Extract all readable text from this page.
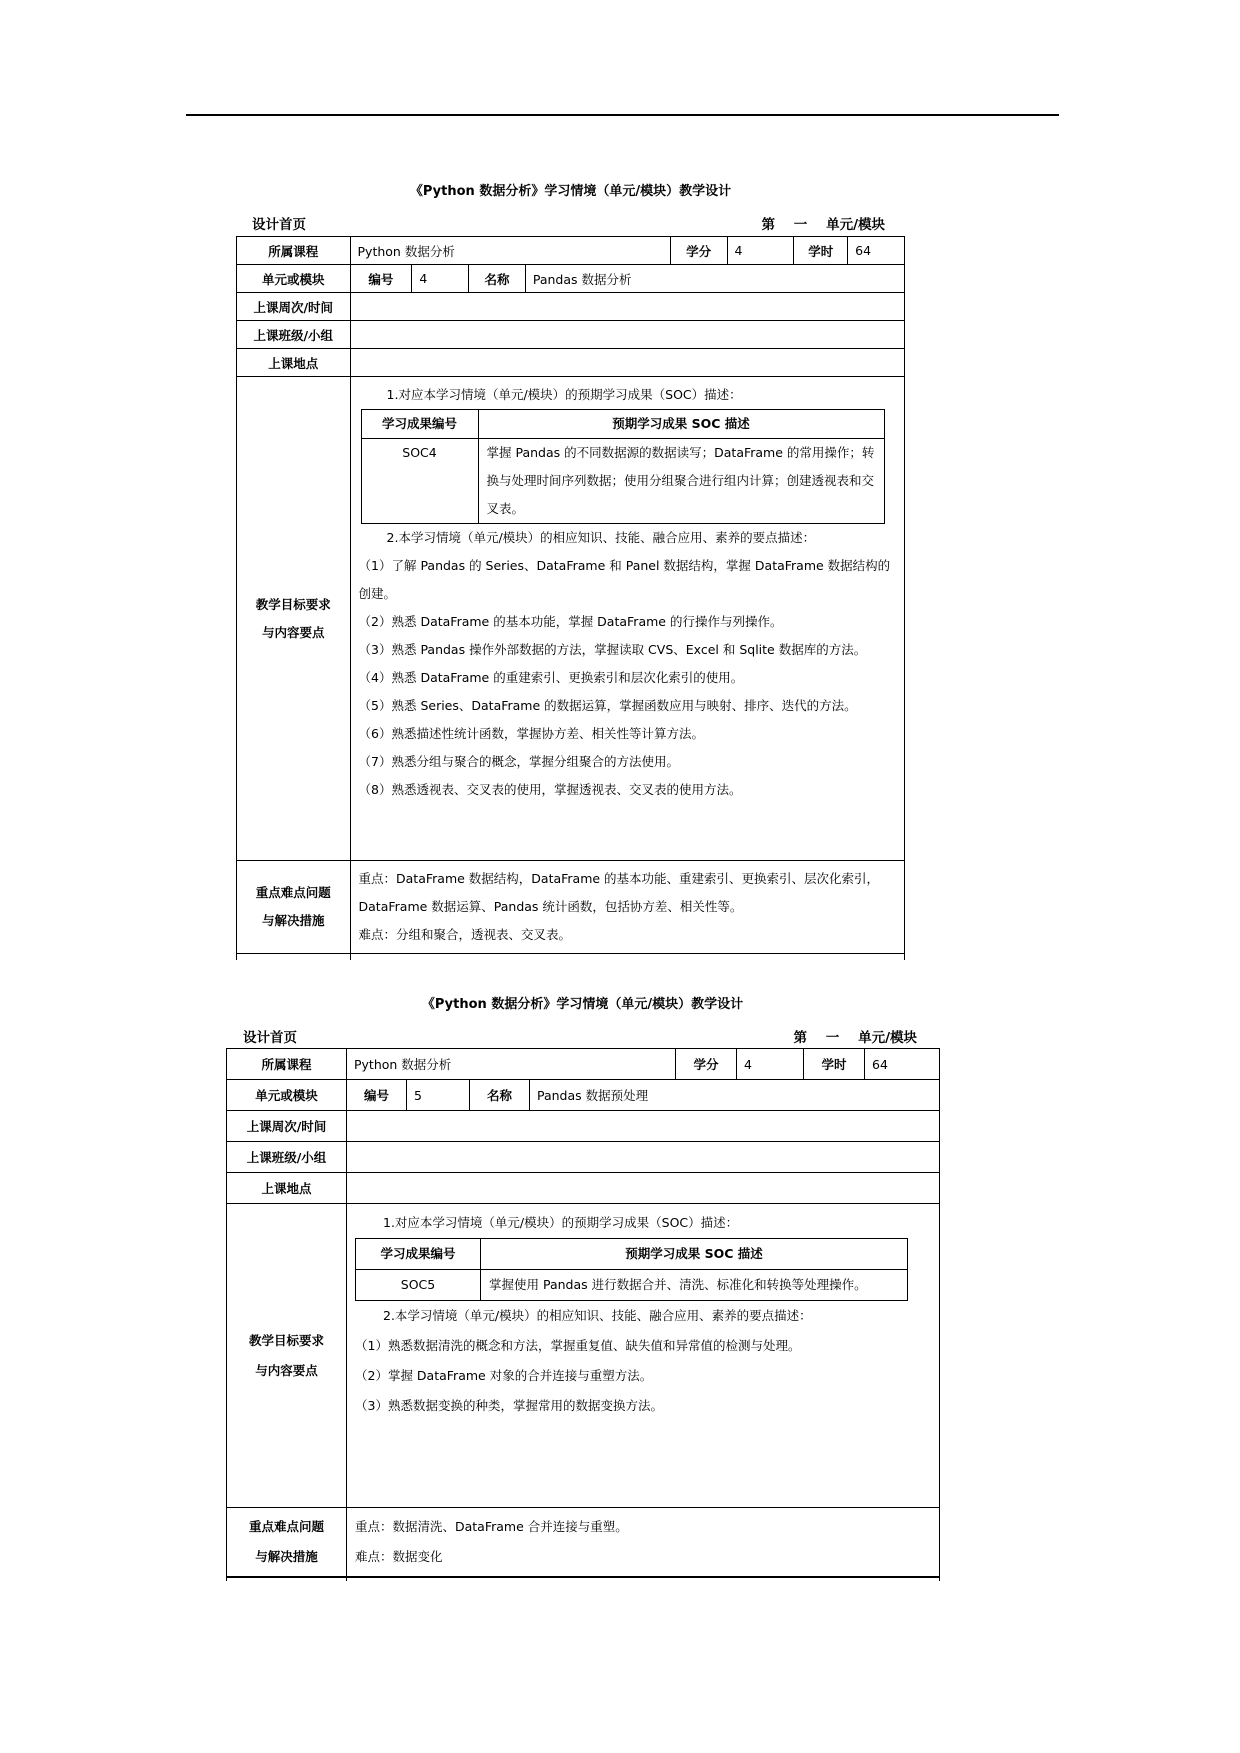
《Python 数据分析》学习情境（单元/模块）教学设计
设计首页	第    一    单元/模块
所属课程	Python 数据分析	学分	4	学时	64
单元或模块	编号	4	名称	Pandas 数据分析
上课周次/时间	
上课班级/小组	
上课地点	

教学目标要求
与内容要点

1.对应本学习情境（单元/模块）的预期学习成果（SOC）描述：

学习成果编号	预期学习成果 SOC 描述
SOC4	掌握 Pandas 的不同数据源的数据读写；DataFrame 的常用操作；转换与处理时间序列数据；使用分组聚合进行组内计算；创建透视表和交叉表。

2.本学习情境（单元/模块）的相应知识、技能、融合应用、素养的要点描述：

（1）了解 Pandas 的 Series、DataFrame 和 Panel 数据结构，掌握 DataFrame 数据结构的创建。

（2）熟悉 DataFrame 的基本功能，掌握 DataFrame 的行操作与列操作。

（3）熟悉 Pandas 操作外部数据的方法，掌握读取 CVS、Excel 和 Sqlite 数据库的方法。

（4）熟悉 DataFrame 的重建索引、更换索引和层次化索引的使用。

（5）熟悉 Series、DataFrame 的数据运算，掌握函数应用与映射、排序、迭代的方法。

（6）熟悉描述性统计函数，掌握协方差、相关性等计算方法。

（7）熟悉分组与聚合的概念，掌握分组聚合的方法使用。

（8）熟悉透视表、交叉表的使用，掌握透视表、交叉表的使用方法。

重点难点问题
与解决措施

重点：DataFrame 数据结构，DataFrame 的基本功能、重建索引、更换索引、层次化索引，DataFrame 数据运算、Pandas 统计函数，包括协方差、相关性等。

难点：分组和聚合，透视表、交叉表。

《Python 数据分析》学习情境（单元/模块）教学设计
设计首页	第    一    单元/模块
所属课程	Python 数据分析	学分	4	学时	64
单元或模块	编号	5	名称	Pandas 数据预处理
上课周次/时间	
上课班级/小组	
上课地点	

教学目标要求
与内容要点

1.对应本学习情境（单元/模块）的预期学习成果（SOC）描述：

学习成果编号	预期学习成果 SOC 描述
SOC5	掌握使用 Pandas 进行数据合并、清洗、标准化和转换等处理操作。

2.本学习情境（单元/模块）的相应知识、技能、融合应用、素养的要点描述：

（1）熟悉数据清洗的概念和方法，掌握重复值、缺失值和异常值的检测与处理。

（2）掌握 DataFrame 对象的合并连接与重塑方法。

（3）熟悉数据变换的种类，掌握常用的数据变换方法。

重点难点问题
与解决措施

重点：数据清洗、DataFrame 合并连接与重塑。

难点：数据变化
